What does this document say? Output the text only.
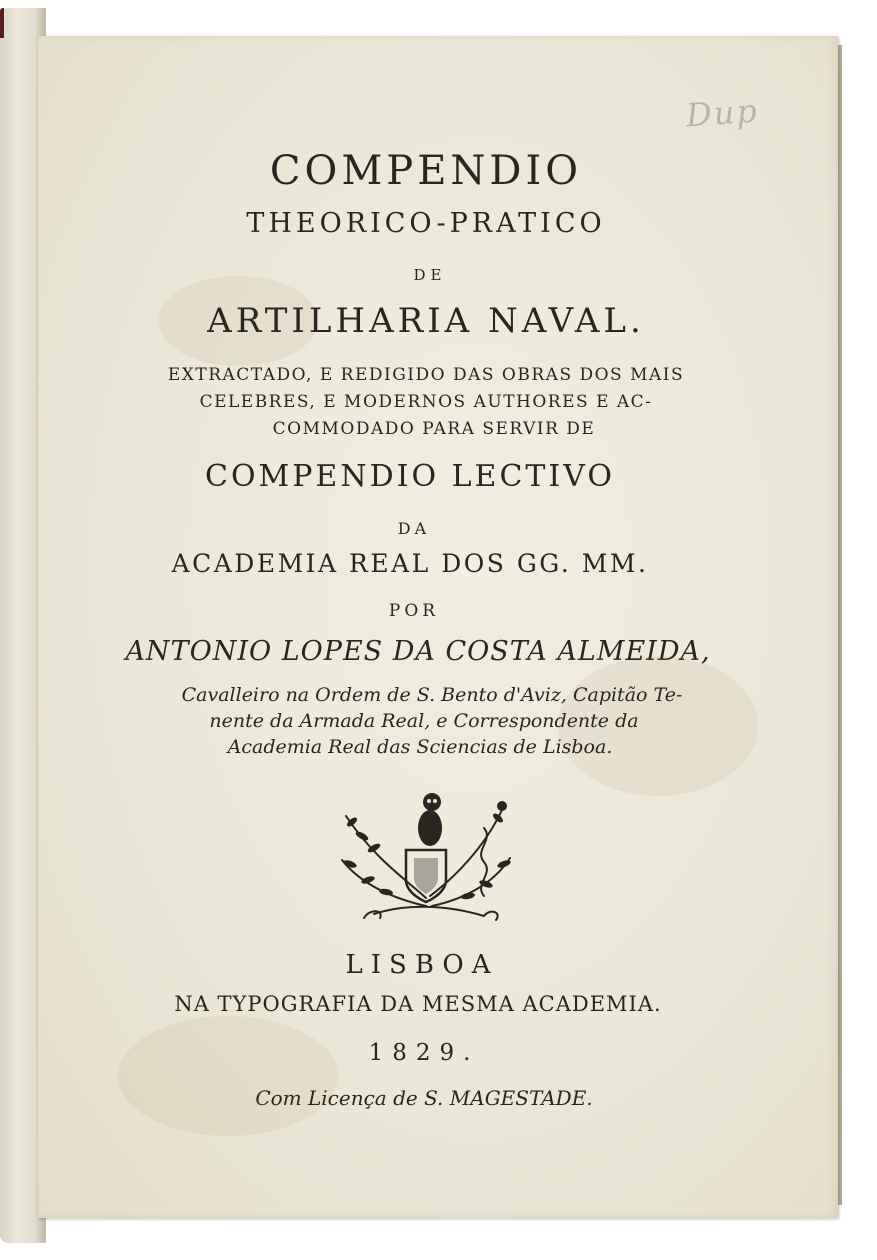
Dup
COMPENDIO
THEORICO-PRATICO
DE
ARTILHARIA NAVAL.
EXTRACTADO, E REDIGIDO DAS OBRAS DOS MAIS
CELEBRES, E MODERNOS AUTHORES E AC-
COMMODADO PARA SERVIR DE
COMPENDIO LECTIVO
DA
ACADEMIA REAL DOS GG. MM.
POR
ANTONIO LOPES DA COSTA ALMEIDA,
Cavalleiro na Ordem de S. Bento d'Aviz, Capitão Te-
nente da Armada Real, e Correspondente da
Academia Real das Sciencias de Lisboa.
LISBOA
NA TYPOGRAFIA DA MESMA ACADEMIA.
1829.
Com Licença de S. MAGESTADE.
